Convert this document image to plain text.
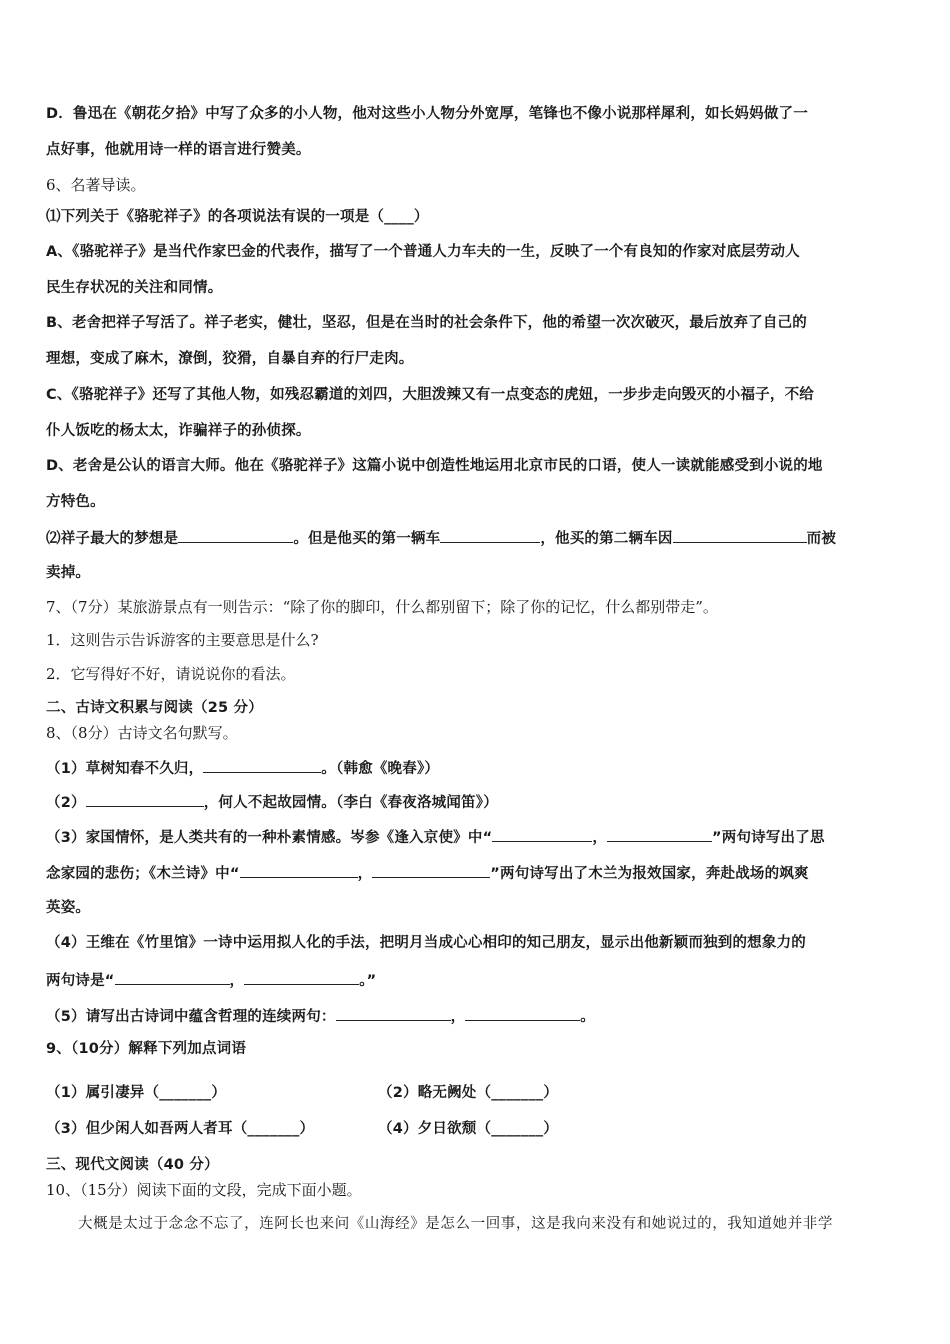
D．鲁迅在《朝花夕拾》中写了众多的小人物，他对这些小人物分外宽厚，笔锋也不像小说那样犀利，如长妈妈做了一
点好事，他就用诗一样的语言进行赞美。
6、名著导读。
⑴下列关于《骆驼祥子》的各项说法有误的一项是（____）
A、《骆驼祥子》是当代作家巴金的代表作，描写了一个普通人力车夫的一生，反映了一个有良知的作家对底层劳动人
民生存状况的关注和同情。
B、老舍把祥子写活了。祥子老实，健壮，坚忍，但是在当时的社会条件下，他的希望一次次破灭，最后放弃了自己的
理想，变成了麻木，潦倒，狡猾，自暴自弃的行尸走肉。
C、《骆驼祥子》还写了其他人物，如残忍霸道的刘四，大胆泼辣又有一点变态的虎妞，一步步走向毁灭的小福子，不给
仆人饭吃的杨太太，诈骗祥子的孙侦探。
D、老舍是公认的语言大师。他在《骆驼祥子》这篇小说中创造性地运用北京市民的口语，使人一读就能感受到小说的地
方特色。
⑵祥子最大的梦想是	。但是他买的第一辆车	，他买的第二辆车因	而被
卖掉。
7、（7分）某旅游景点有一则告示：“除了你的脚印，什么都别留下；除了你的记忆，什么都别带走”。
1．这则告示告诉游客的主要意思是什么?
2．它写得好不好，请说说你的看法。
二、古诗文积累与阅读（25 分）
8、（8分）古诗文名句默写。
（1）草树知春不久归，	。（韩愈《晚春》）
（2）	，何人不起故园情。（李白《春夜洛城闻笛》）
（3）家国情怀，是人类共有的一种朴素情感。岑参《逢入京使》中“	，	”两句诗写出了思
念家园的悲伤；《木兰诗》中“	，	”两句诗写出了木兰为报效国家，奔赴战场的飒爽
英姿。
（4）王维在《竹里馆》一诗中运用拟人化的手法，把明月当成心心相印的知己朋友，显示出他新颖而独到的想象力的
两句诗是“	，	。”
（5）请写出古诗词中蕴含哲理的连续两句：	，	。
9、（10分）解释下列加点词语
（1）属引凄异（_______）	（2）略无阙处（_______）
（3）但少闲人如吾两人者耳（_______）	（4）夕日欲颓（_______）
三、现代文阅读（40 分）
10、（15分）阅读下面的文段，完成下面小题。
大概是太过于念念不忘了，连阿长也来问《山海经》是怎么一回事，这是我向来没有和她说过的，我知道她并非学
